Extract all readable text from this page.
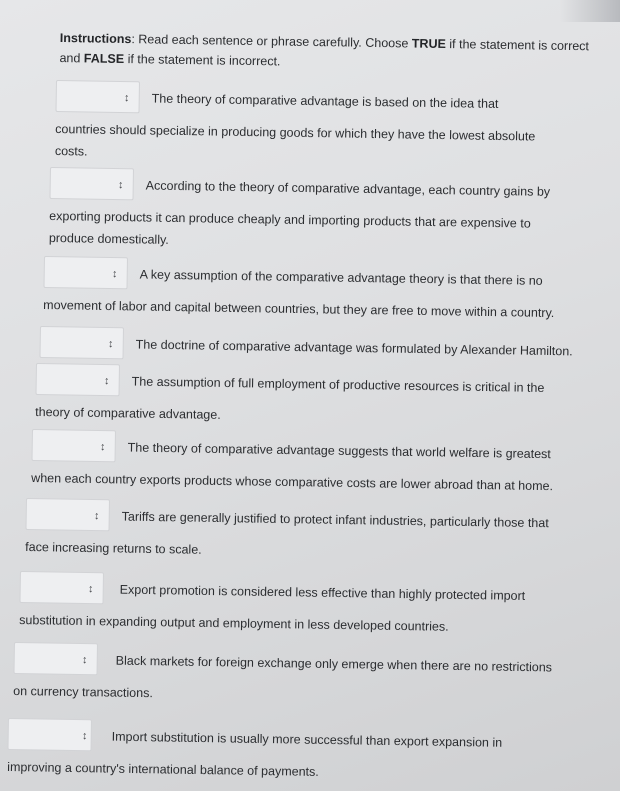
Instructions: Read each sentence or phrase carefully. Choose TRUE if the statement is correct and FALSE if the statement is incorrect.
↕	The theory of comparative advantage is based on the idea that
countries should specialize in producing goods for which they have the lowest absolute costs.
↕	According to the theory of comparative advantage, each country gains by
exporting products it can produce cheaply and importing products that are expensive to produce domestically.
↕	A key assumption of the comparative advantage theory is that there is no
movement of labor and capital between countries, but they are free to move within a country.
↕	The doctrine of comparative advantage was formulated by Alexander Hamilton.
↕	The assumption of full employment of productive resources is critical in the
theory of comparative advantage.
↕	The theory of comparative advantage suggests that world welfare is greatest
when each country exports products whose comparative costs are lower abroad than at home.
↕	Tariffs are generally justified to protect infant industries, particularly those that
face increasing returns to scale.
↕	Export promotion is considered less effective than highly protected import
substitution in expanding output and employment in less developed countries.
↕	Black markets for foreign exchange only emerge when there are no restrictions
on currency transactions.
↕	Import substitution is usually more successful than export expansion in
improving a country's international balance of payments.
